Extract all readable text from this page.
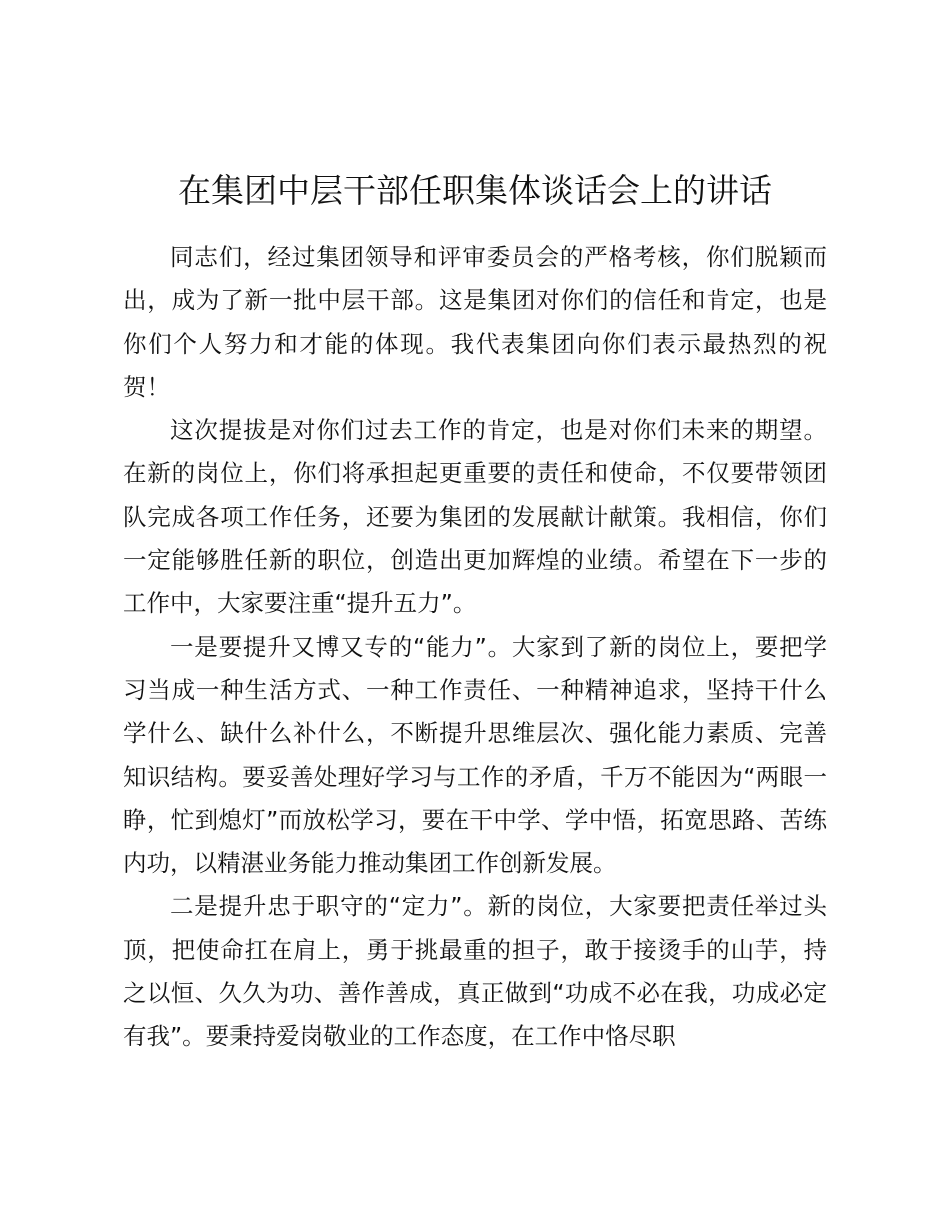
在集团中层干部任职集体谈话会上的讲话

同志们，经过集团领导和评审委员会的严格考核，你们脱颖而出，成为了新一批中层干部。这是集团对你们的信任和肯定，也是你们个人努力和才能的体现。我代表集团向你们表示最热烈的祝贺！

这次提拔是对你们过去工作的肯定，也是对你们未来的期望。在新的岗位上，你们将承担起更重要的责任和使命，不仅要带领团队完成各项工作任务，还要为集团的发展献计献策。我相信，你们一定能够胜任新的职位，创造出更加辉煌的业绩。希望在下一步的工作中，大家要注重“提升五力”。

一是要提升又博又专的“能力”。大家到了新的岗位上，要把学习当成一种生活方式、一种工作责任、一种精神追求，坚持干什么学什么、缺什么补什么，不断提升思维层次、强化能力素质、完善知识结构。要妥善处理好学习与工作的矛盾，千万不能因为“两眼一睁，忙到熄灯”而放松学习，要在干中学、学中悟，拓宽思路、苦练内功，以精湛业务能力推动集团工作创新发展。

二是提升忠于职守的“定力”。新的岗位，大家要把责任举过头顶，把使命扛在肩上，勇于挑最重的担子，敢于接烫手的山芋，持之以恒、久久为功、善作善成，真正做到“功成不必在我，功成必定有我”。要秉持爱岗敬业的工作态度，在工作中恪尽职
